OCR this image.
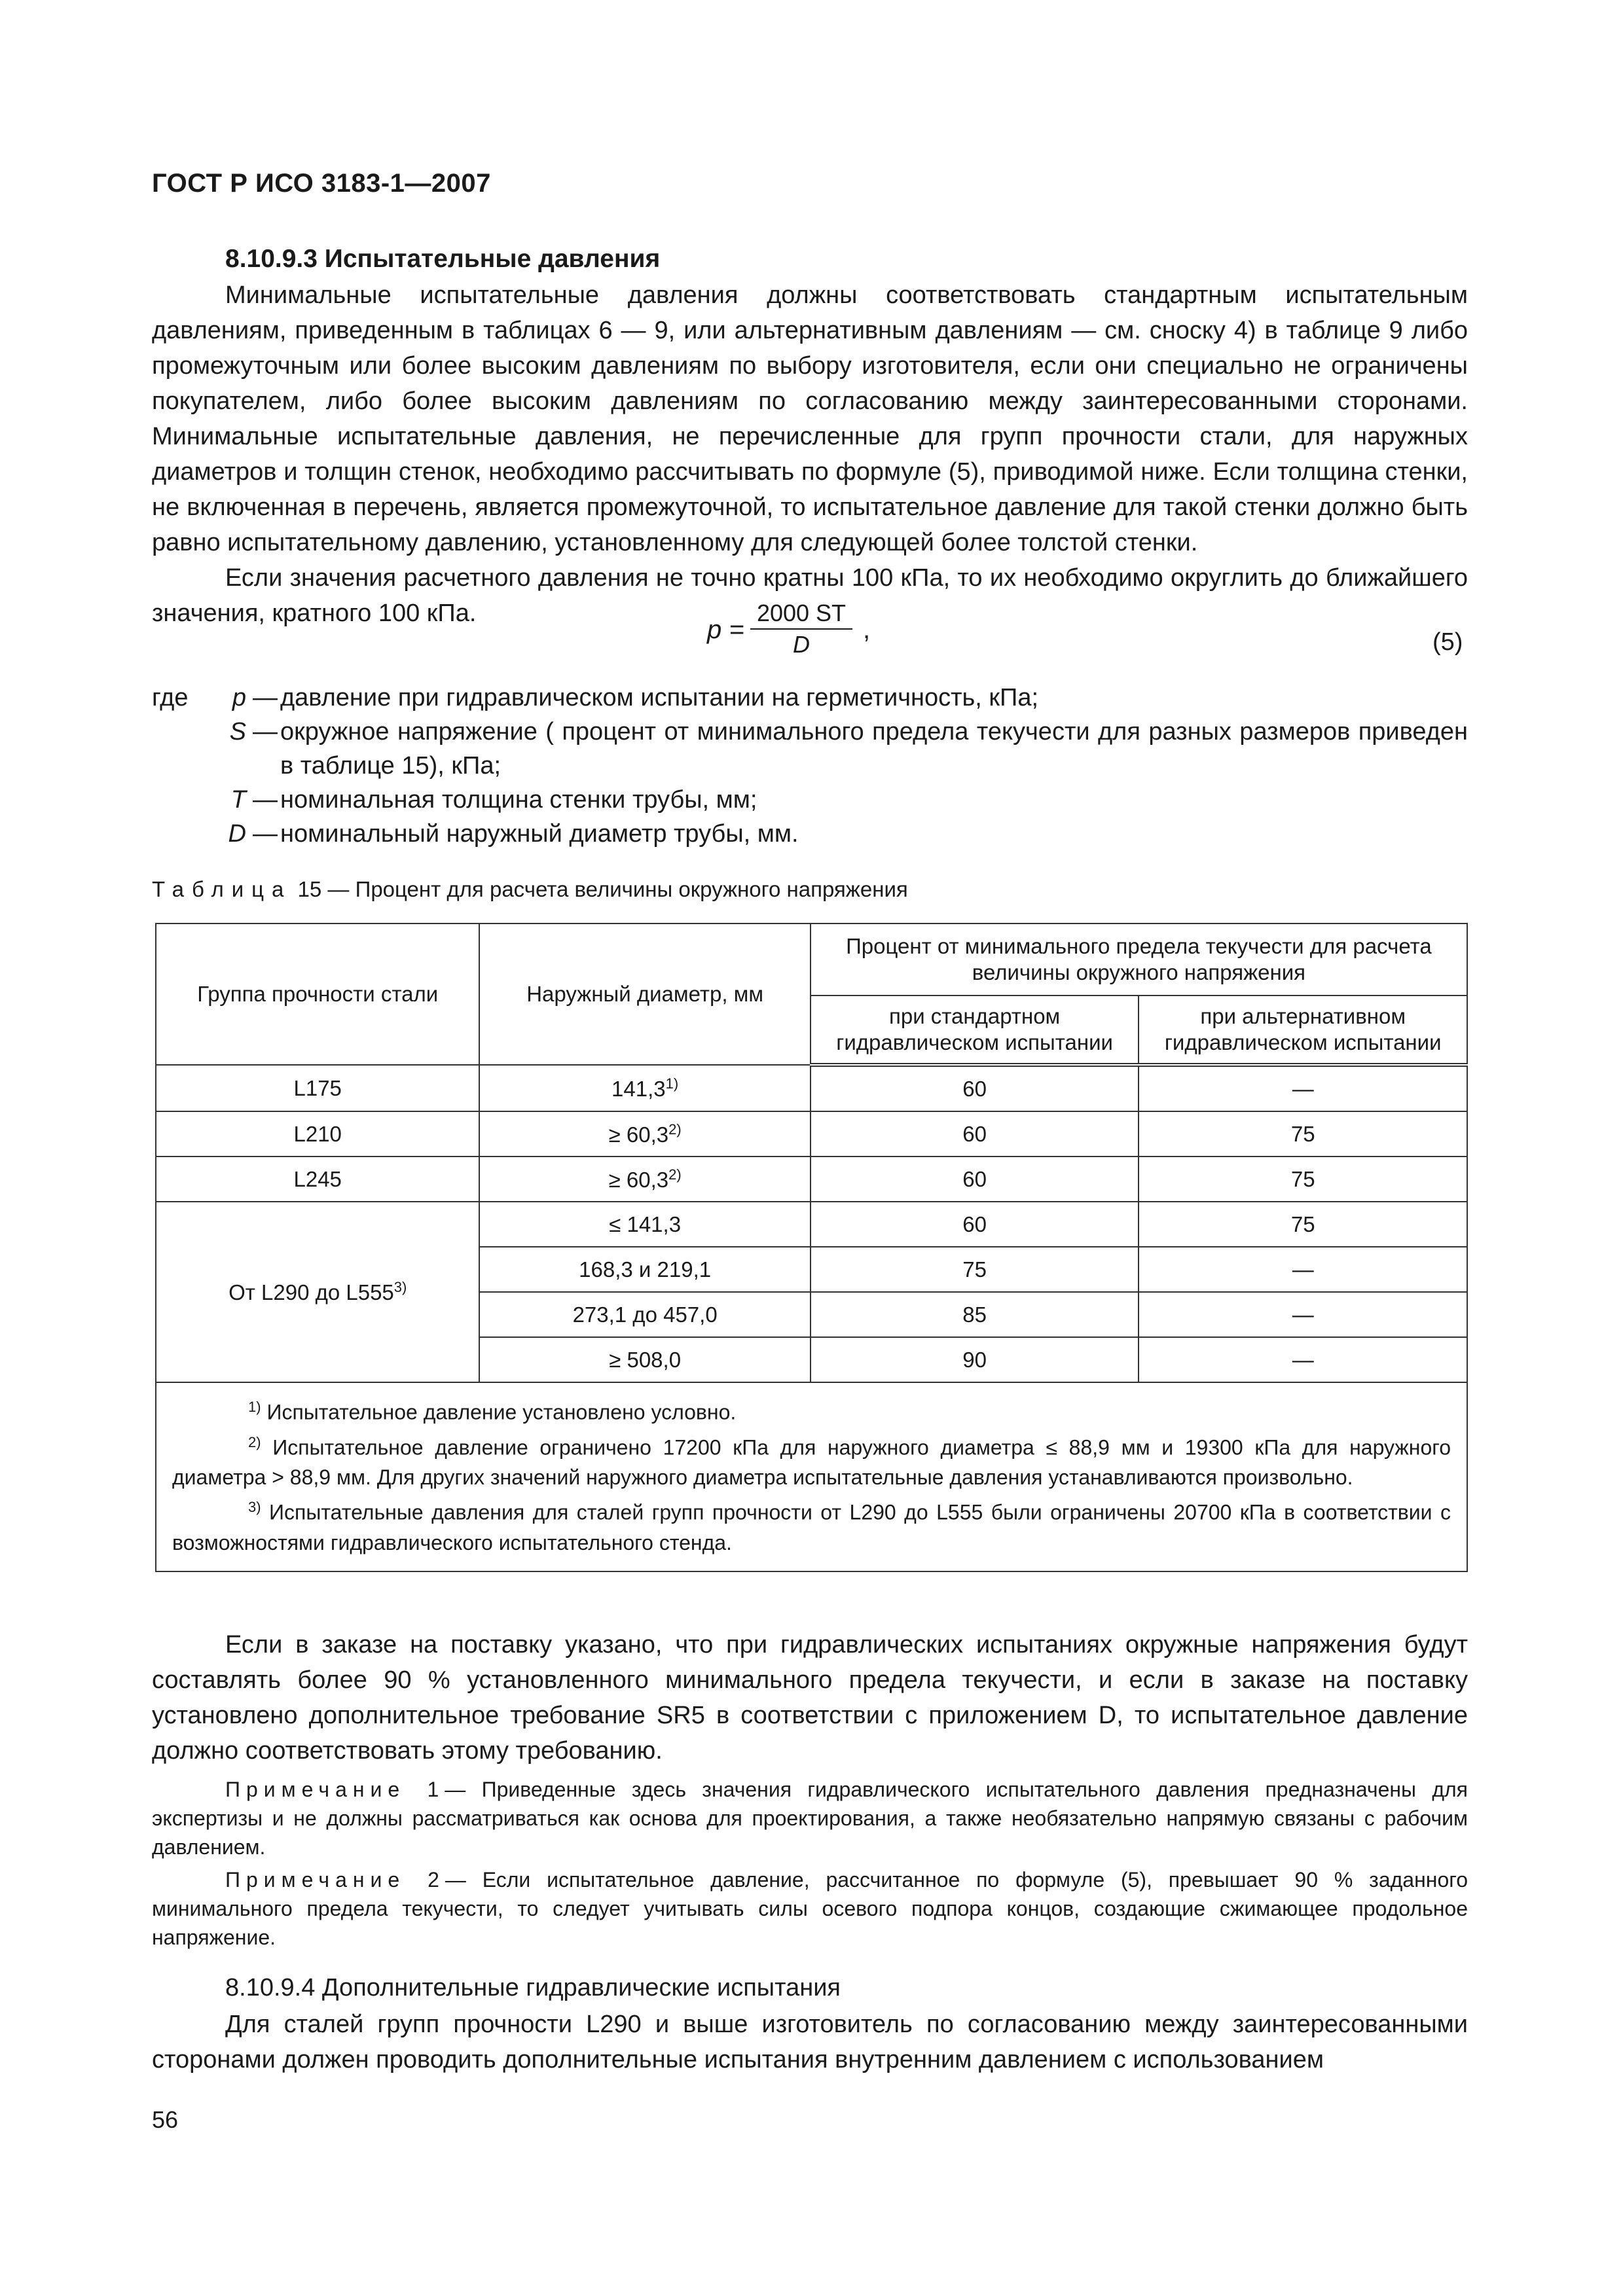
ГОСТ Р ИСО 3183-1—2007
8.10.9.3 Испытательные давления

Минимальные испытательные давления должны соответствовать стандартным испытательным давлениям, приведенным в таблицах 6 — 9, или альтернативным давлениям — см. сноску 4) в таблице 9 либо промежуточным или более высоким давлениям по выбору изготовителя, если они специально не ограничены покупателем, либо более высоким давлениям по согласованию между заинтересованными сторонами. Минимальные испытательные давления, не перечисленные для групп прочности стали, для наружных диаметров и толщин стенок, необходимо рассчитывать по формуле (5), приводимой ниже. Если толщина стенки, не включенная в перечень, является промежуточной, то испытательное давление для такой стенки должно быть равно испытательному давлению, установленному для следующей более толстой стенки.

Если значения расчетного давления не точно кратны 100 кПа, то их необходимо округлить до ближайшего значения, кратного 100 кПа.

$p = \frac{2000 ST}{D}$ ,	(5)
где	p — давление при гидравлическом испытании на герметичность, кПа;
S — окружное напряжение ( процент от минимального предела текучести для разных размеров приведен в таблице 15), кПа;
T — номинальная толщина стенки трубы, мм;
D — номинальный наружный диаметр трубы, мм.
Таблица 15 — Процент для расчета величины окружного напряжения
Группа прочности стали	Наружный диаметр, мм	Процент от минимального предела текучести для расчета величины окружного напряжения	
		при стандартном гидравлическом испытании	при альтернативном гидравлическом испытании
L175	141,3$^{1)}$	60	—
L210	≥ $60,3^{2)}$	60	75
L245	≥ $60,3^{2)}$	60	75
От L290 до $L555^{3)}$	≤ 141,3	60	75
	168,3 и 219,1	75	—
	273,1 до 457,0	85	—
	≥ 508,0	90	—

$^{1)}$ Испытательное давление установлено условно.

$^{2)}$ Испытательное давление ограничено 17200 кПа для наружного диаметра ≤ 88,9 мм и 19300 кПа для наружного диаметра > 88,9 мм. Для других значений наружного диаметра испытательные давления устанавливаются произвольно.

$^{3)}$ Испытательные давления для сталей групп прочности от L290 до L555 были ограничены 20700 кПа в соответствии с возможностями гидравлического испытательного стенда.			

Если в заказе на поставку указано, что при гидравлических испытаниях окружные напряжения будут составлять более 90 % установленного минимального предела текучести, и если в заказе на поставку установлено дополнительное требование SR5 в соответствии с приложением D, то испытательное давление должно соответствовать этому требованию.

Примечание 1— Приведенные здесь значения гидравлического испытательного давления предназначены для экспертизы и не должны рассматриваться как основа для проектирования, а также необязательно напрямую связаны с рабочим давлением.

Примечание 2— Если испытательное давление, рассчитанное по формуле (5), превышает 90 % заданного минимального предела текучести, то следует учитывать силы осевого подпора концов, создающие сжимающее продольное напряжение.

8.10.9.4 Дополнительные гидравлические испытания

Для сталей групп прочности L290 и выше изготовитель по согласованию между заинтересованными сторонами должен проводить дополнительные испытания внутренним давлением с использованием

56
